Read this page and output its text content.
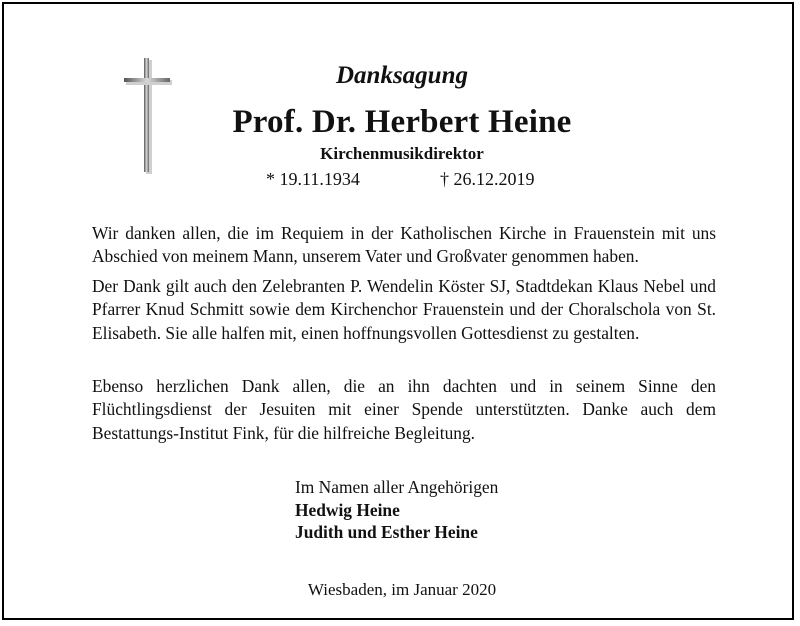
Danksagung
Prof. Dr. Herbert Heine
Kirchenmusikdirektor
* 19.11.1934	† 26.12.2019
Wir danken allen, die im Requiem in der Katholischen Kirche in Frauenstein mit uns Abschied von meinem Mann, unserem Vater und Großvater genommen haben.
Der Dank gilt auch den Zelebranten P. Wendelin Köster SJ, Stadtdekan Klaus Nebel und Pfarrer Knud Schmitt sowie dem Kirchenchor Frauenstein und der Choralschola von St. Elisabeth. Sie alle halfen mit, einen hoffnungsvollen Gottesdienst zu gestalten.
Ebenso herzlichen Dank allen, die an ihn dachten und in seinem Sinne den Flüchtlingsdienst der Jesuiten mit einer Spende unterstützten. Danke auch dem Bestattungs-Institut Fink, für die hilfreiche Begleitung.
Im Namen aller Angehörigen
Hedwig Heine
Judith und Esther Heine
Wiesbaden, im Januar 2020
